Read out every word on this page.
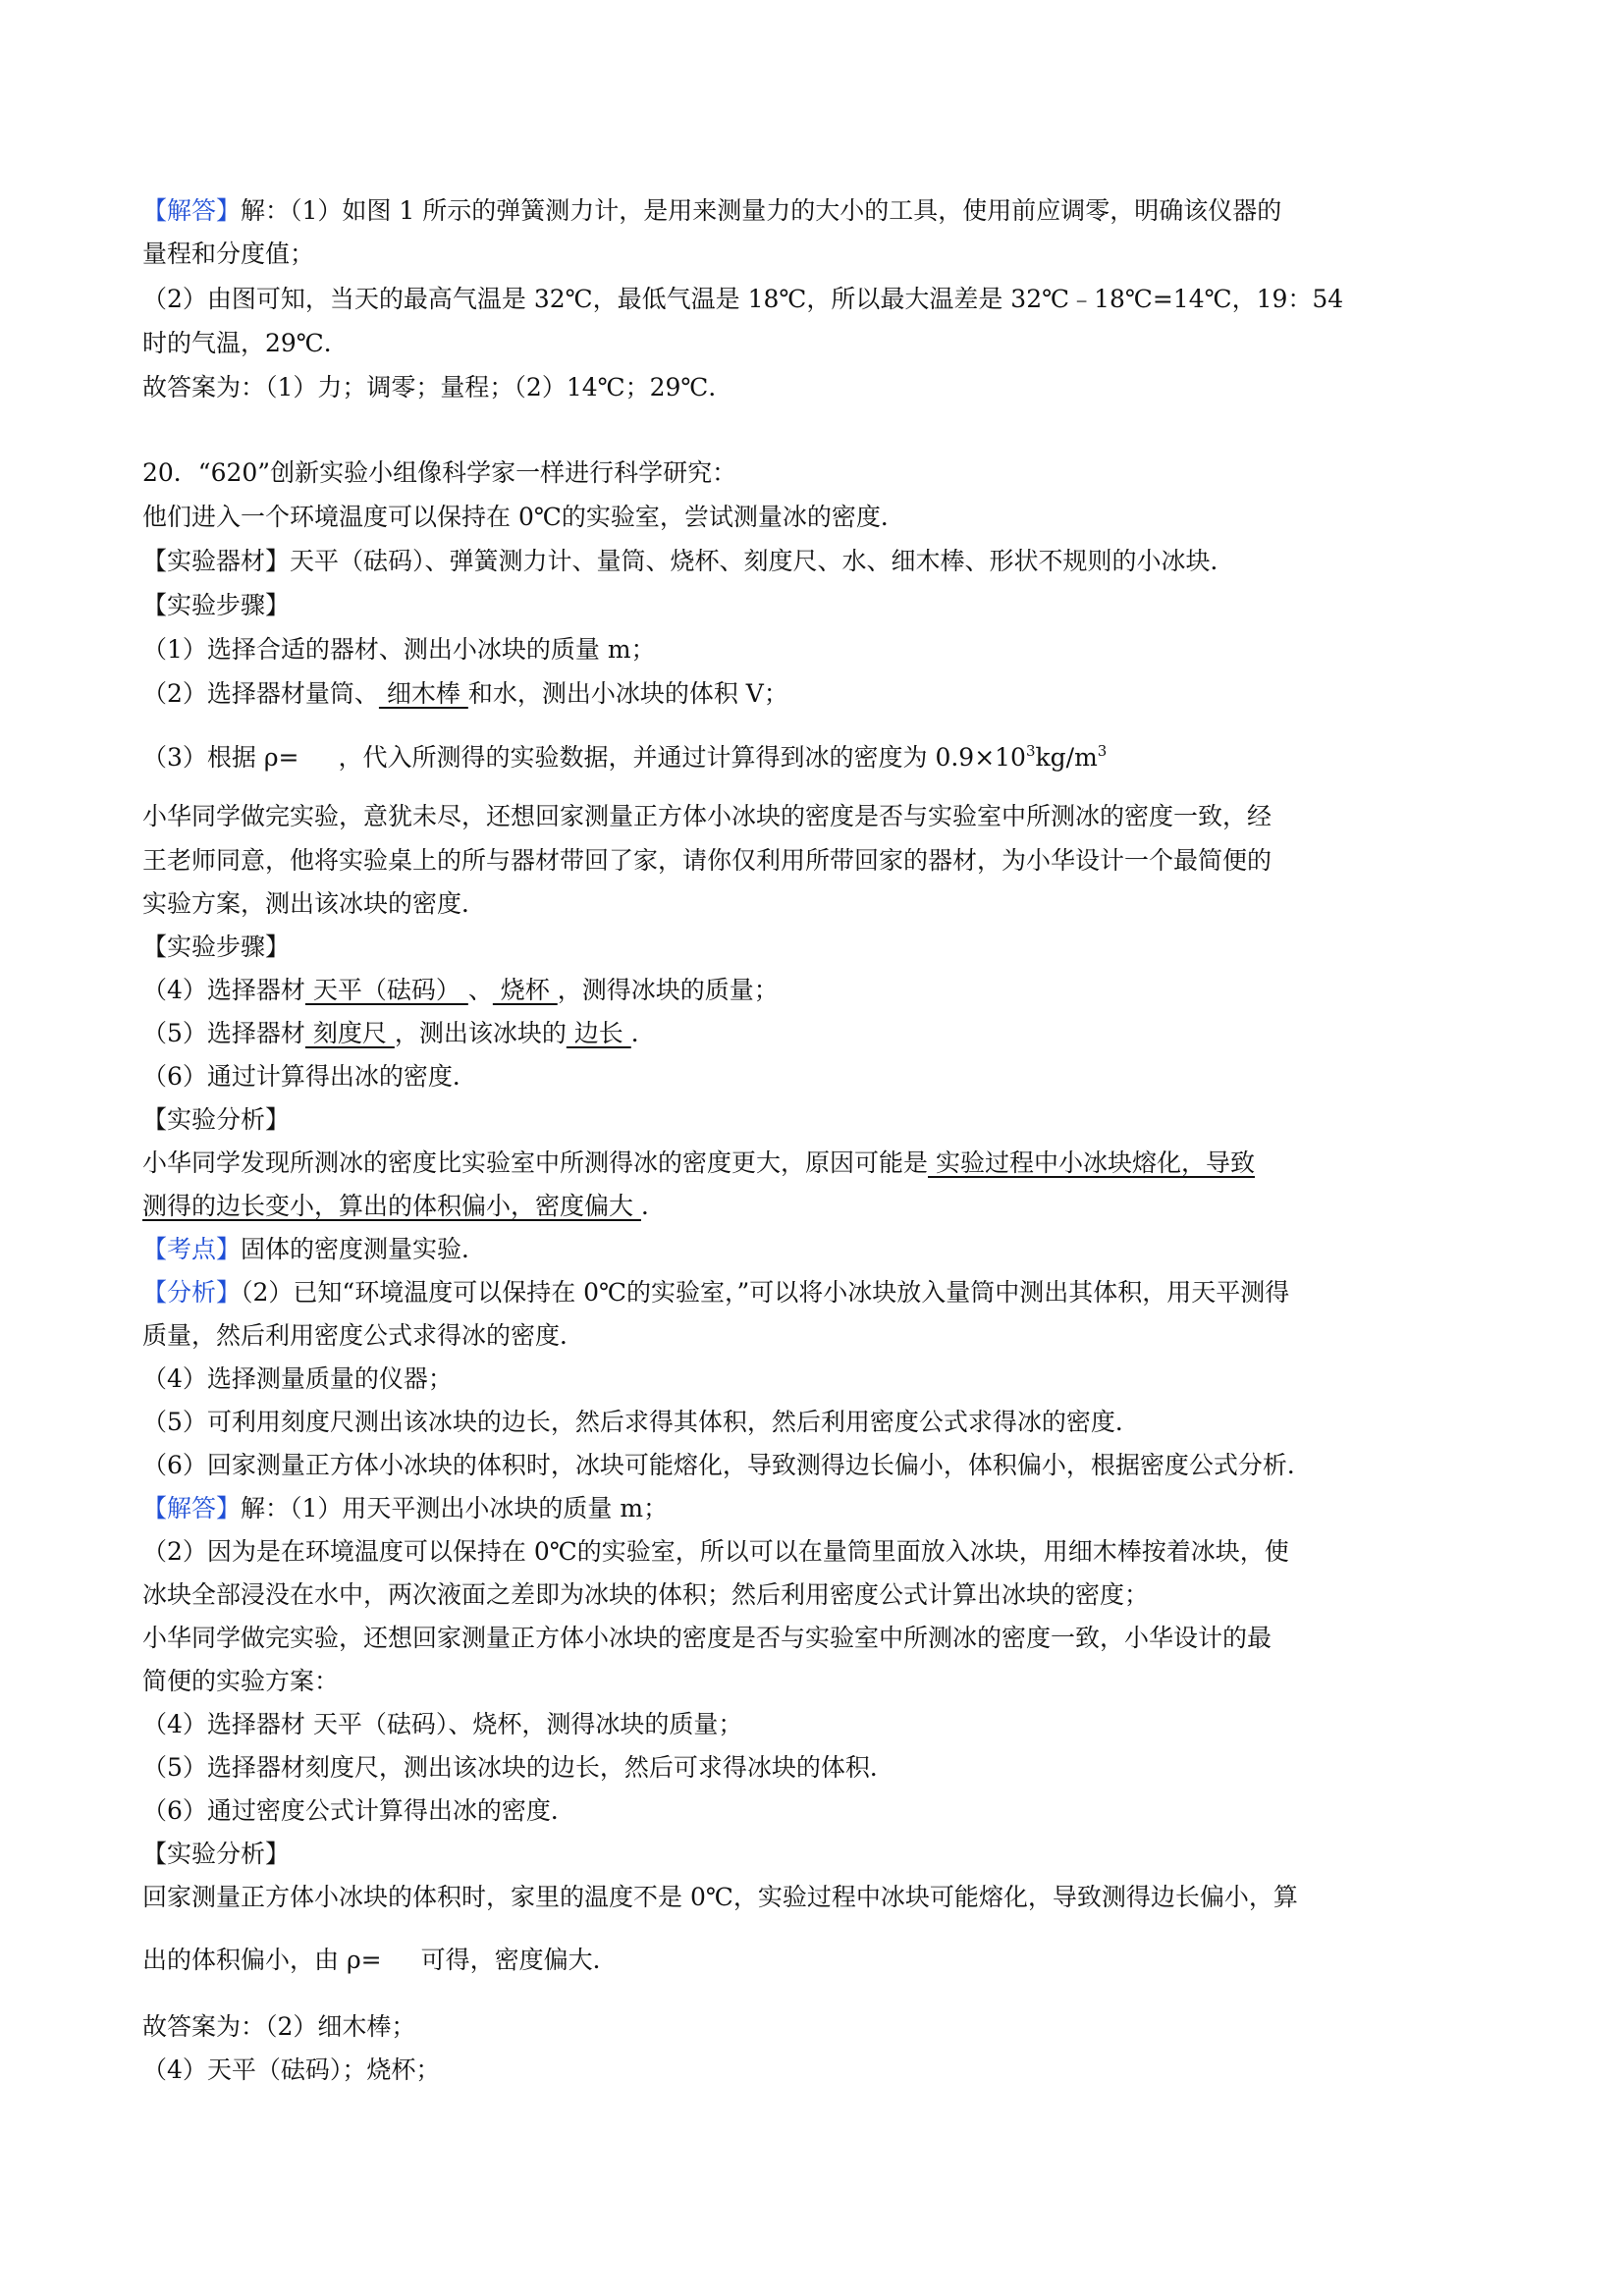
【解答】解：（1）如图 1 所示的弹簧测力计，是用来测量力的大小的工具，使用前应调零，明确该仪器的
量程和分度值；
（2）由图可知，当天的最高气温是 32℃，最低气温是 18℃，所以最大温差是 32℃﹣18℃=14℃，19：54
时的气温，29℃．
故答案为：（1）力；调零；量程；（2）14℃；29℃．
20．“620”创新实验小组像科学家一样进行科学研究：
他们进入一个环境温度可以保持在 0℃的实验室，尝试测量冰的密度．
【实验器材】天平（砝码）、弹簧测力计、量筒、烧杯、刻度尺、水、细木棒、形状不规则的小冰块．
【实验步骤】
（1）选择合适的器材、测出小冰块的质量 m；
（2）选择器材量筒、 细木棒 和水，测出小冰块的体积 V；
（3）根据 ρ= ，代入所测得的实验数据，并通过计算得到冰的密度为 $0.9\times 10^3kg/m^3$
小华同学做完实验，意犹未尽，还想回家测量正方体小冰块的密度是否与实验室中所测冰的密度一致，经
王老师同意，他将实验桌上的所与器材带回了家，请你仅利用所带回家的器材，为小华设计一个最简便的
实验方案，测出该冰块的密度．
【实验步骤】
（4）选择器材 天平（砝码） 、 烧杯 ，测得冰块的质量；
（5）选择器材 刻度尺 ，测出该冰块的 边长 ．
（6）通过计算得出冰的密度．
【实验分析】
小华同学发现所测冰的密度比实验室中所测得冰的密度更大，原因可能是 实验过程中小冰块熔化，导致
测得的边长变小，算出的体积偏小，密度偏大 ．
【考点】固体的密度测量实验．
【分析】（2）已知“环境温度可以保持在 0℃的实验室，”可以将小冰块放入量筒中测出其体积，用天平测得
质量，然后利用密度公式求得冰的密度．
（4）选择测量质量的仪器；
（5）可利用刻度尺测出该冰块的边长，然后求得其体积，然后利用密度公式求得冰的密度．
（6）回家测量正方体小冰块的体积时，冰块可能熔化，导致测得边长偏小，体积偏小，根据密度公式分析．
【解答】解：（1）用天平测出小冰块的质量 m；
（2）因为是在环境温度可以保持在 0℃的实验室，所以可以在量筒里面放入冰块，用细木棒按着冰块，使
冰块全部浸没在水中，两次液面之差即为冰块的体积；然后利用密度公式计算出冰块的密度；
小华同学做完实验，还想回家测量正方体小冰块的密度是否与实验室中所测冰的密度一致，小华设计的最
简便的实验方案：
（4）选择器材 天平（砝码）、烧杯，测得冰块的质量；
（5）选择器材刻度尺，测出该冰块的边长，然后可求得冰块的体积．
（6）通过密度公式计算得出冰的密度．
【实验分析】
回家测量正方体小冰块的体积时，家里的温度不是 0℃，实验过程中冰块可能熔化，导致测得边长偏小，算
出的体积偏小，由 ρ= 可得，密度偏大．
故答案为：（2）细木棒；
（4）天平（砝码）；烧杯；
